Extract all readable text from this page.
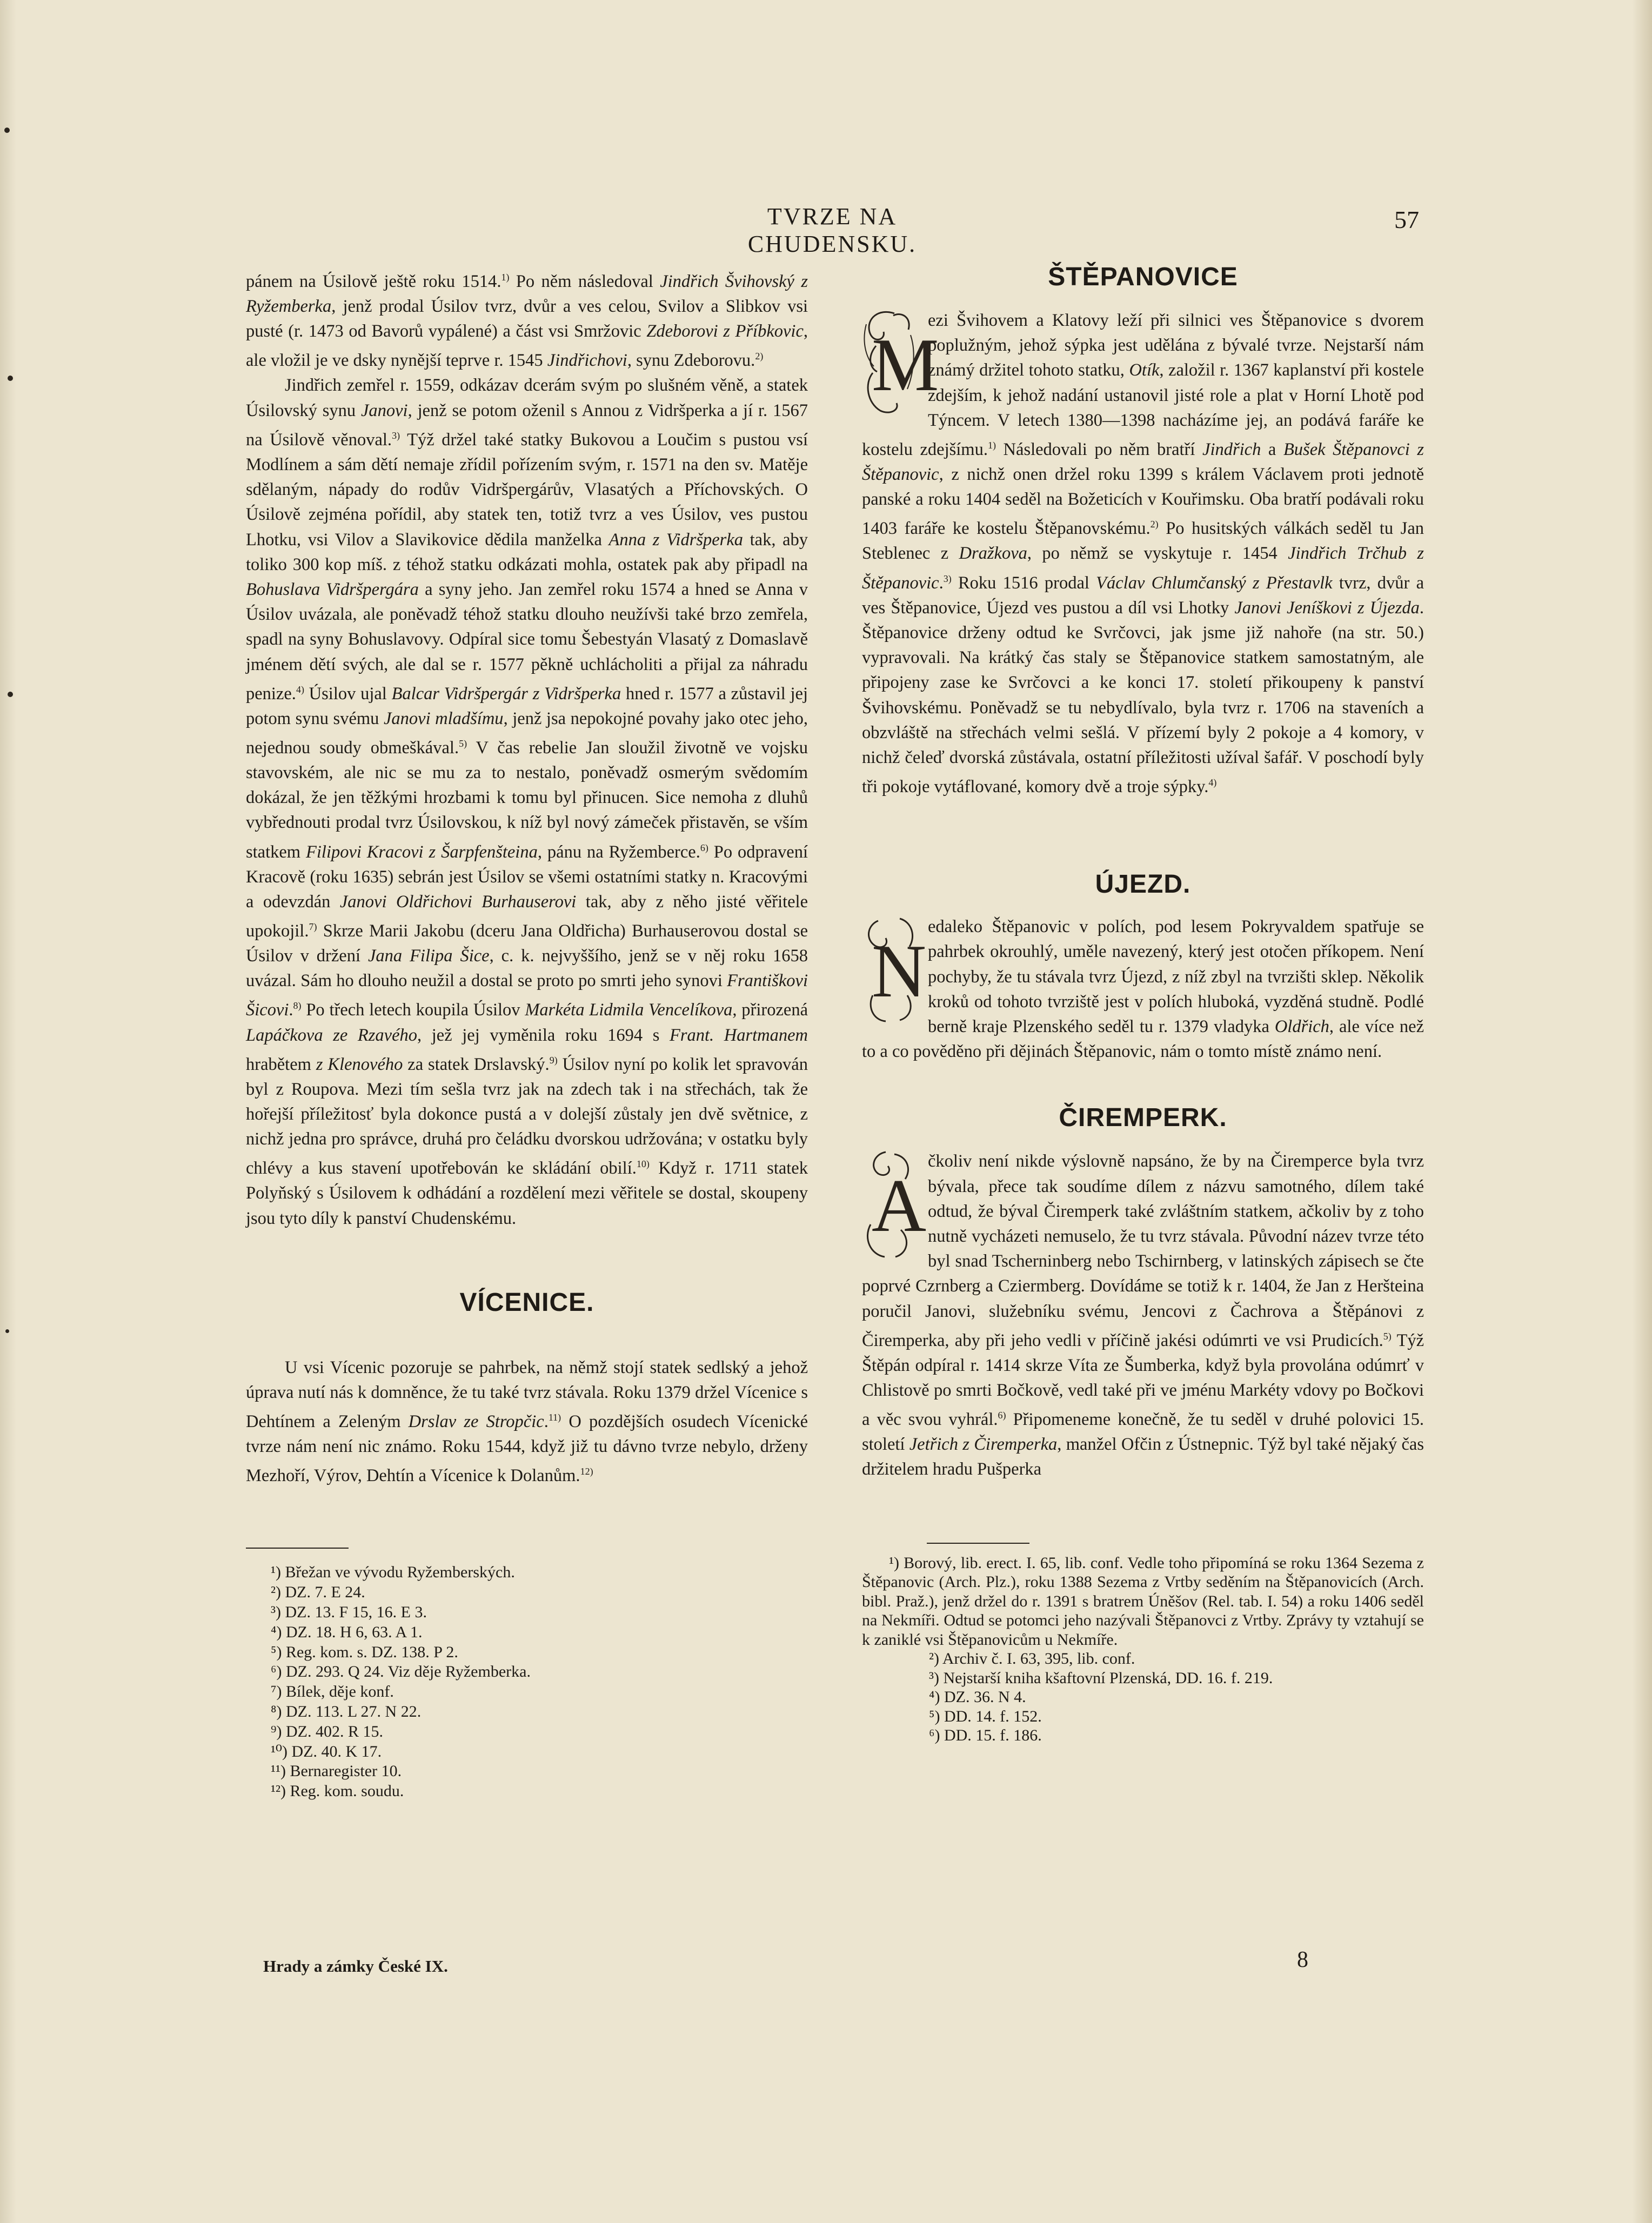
TVRZE NA CHUDENSKU.
57

pánem na Úsilově ještě roku 1514.$^{1)}$ Po něm následoval Jindřich Švihovský z Ryžemberka, jenž prodal Úsilov tvrz, dvůr a ves celou, Svilov a Slibkov vsi pusté (r. 1473 od Bavorů vypálené) a část vsi Smržovic Zdeborovi z Příbkovic, ale vložil je ve dsky nynější teprve r. 1545 Jindřichovi, synu Zdeborovu.$^{2)}$

Jindřich zemřel r. 1559, odkázav dcerám svým po slušném věně, a statek Úsilovský synu Janovi, jenž se potom oženil s Annou z Vidršperka a jí r. 1567 na Úsilově věnoval.$^{3)}$ Týž držel také statky Bukovou a Loučim s pustou vsí Modlínem a sám dětí nemaje zřídil pořízením svým, r. 1571 na den sv. Matěje sdělaným, nápady do rodův Vidršpergárův, Vlasatých a Příchovských. O Úsilově zejména pořídil, aby statek ten, totiž tvrz a ves Úsilov, ves pustou Lhotku, vsi Vilov a Slavikovice dědila manželka Anna z Vidršperka tak, aby toliko 300 kop míš. z téhož statku odkázati mohla, ostatek pak aby připadl na Bohuslava Vidršpergára a syny jeho. Jan zemřel roku 1574 a hned se Anna v Úsilov uvázala, ale poněvadž téhož statku dlouho neužívši také brzo zemřela, spadl na syny Bohuslavovy. Odpíral sice tomu Šebestyán Vlasatý z Domaslavě jménem dětí svých, ale dal se r. 1577 pěkně uchlácholiti a přijal za náhradu penize.$^{4)}$ Úsilov ujal Balcar Vidršpergár z Vidršperka hned r. 1577 a zůstavil jej potom synu svému Janovi mladšímu, jenž jsa nepokojné povahy jako otec jeho, nejednou soudy obmeškával.$^{5)}$ V čas rebelie Jan sloužil životně ve vojsku stavovském, ale nic se mu za to nestalo, poněvadž osmerým svědomím dokázal, že jen těžkými hrozbami k tomu byl přinucen. Sice nemoha z dluhů vybřednouti prodal tvrz Úsilovskou, k níž byl nový zámeček přistavěn, se vším statkem Filipovi Kracovi z Šarpfenšteina, pánu na Ryžemberce.$^{6)}$ Po odpravení Kracově (roku 1635) sebrán jest Úsilov se všemi ostatními statky n. Kracovými a odevzdán Janovi Oldřichovi Burhauserovi tak, aby z něho jisté věřitele upokojil.$^{7)}$ Skrze Marii Jakobu (dceru Jana Oldřicha) Burhauserovou dostal se Úsilov v držení Jana Filipa Šice, c. k. nejvyššího, jenž se v něj roku 1658 uvázal. Sám ho dlouho neužil a dostal se proto po smrti jeho synovi Františkovi Šicovi.$^{8)}$ Po třech letech koupila Úsilov Markéta Lidmila Vencelíkova, přirozená Lapáčkova ze Rzavého, jež jej vyměnila roku 1694 s Frant. Hartmanem hrabětem z Klenového za statek Drslavský.$^{9)}$ Úsilov nyní po kolik let spravován byl z Roupova. Mezi tím sešla tvrz jak na zdech tak i na střechách, tak že hořejší příležitosť byla dokonce pustá a v dolejší zůstaly jen dvě světnice, z nichž jedna pro správce, druhá pro čeládku dvorskou udržována; v ostatku byly chlévy a kus stavení upotřebován ke skládání obilí.$^{10)}$ Když r. 1711 statek Polyňský s Úsilovem k odhádání a rozdělení mezi věřitele se dostal, skoupeny jsou tyto díly k panství Chudenskému.

VÍCENICE.

U vsi Vícenic pozoruje se pahrbek, na němž stojí statek sedlský a jehož úprava nutí nás k domněnce, že tu také tvrz stávala. Roku 1379 držel Vícenice s Dehtínem a Zeleným Drslav ze Stropčic.$^{11)}$ O pozdějších osudech Vícenické tvrze nám není nic známo. Roku 1544, když již tu dávno tvrze nebylo, drženy Mezhoří, Výrov, Dehtín a Vícenice k Dolanům.$^{12)}$

¹) Břežan ve vývodu Ryžemberských.
²) DZ. 7. E 24.
³) DZ. 13. F 15, 16. E 3.
⁴) DZ. 18. H 6, 63. A 1.
⁵) Reg. kom. s. DZ. 138. P 2.
⁶) DZ. 293. Q 24. Viz děje Ryžemberka.
⁷) Bílek, děje konf.
⁸) DZ. 113. L 27. N 22.
⁹) DZ. 402. R 15.
¹⁰) DZ. 40. K 17.
¹¹) Bernaregister 10.
¹²) Reg. kom. soudu.
ŠTĚPANOVICE
M

ezi Švihovem a Klatovy leží při silnici ves Štěpanovice s dvorem poplužným, jehož sýpka jest udělána z bývalé tvrze. Nejstarší nám známý držitel tohoto statku, Otík, založil r. 1367 kaplanství při kostele zdejším, k jehož nadání ustanovil jisté role a plat v Horní Lhotě pod Týncem. V letech 1380—1398 nacházíme jej, an podává faráře ke kostelu zdejšímu.$^{1)}$ Následovali po něm bratří Jindřich a Bušek Štěpanovci z Štěpanovic, z nichž onen držel roku 1399 s králem Václavem proti jednotě panské a roku 1404 seděl na Božeticích v Kouřimsku. Oba bratří podávali roku 1403 faráře ke kostelu Štěpanovskému.$^{2)}$ Po husitských válkách seděl tu Jan Steblenec z Dražkova, po němž se vyskytuje r. 1454 Jindřich Trčhub z Štěpanovic.$^{3)}$ Roku 1516 prodal Václav Chlumčanský z Přestavlk tvrz, dvůr a ves Štěpanovice, Újezd ves pustou a díl vsi Lhotky Janovi Jeníškovi z Újezda. Štěpanovice drženy odtud ke Svrčovci, jak jsme již nahoře (na str. 50.) vypravovali. Na krátký čas staly se Štěpanovice statkem samostatným, ale připojeny zase ke Svrčovci a ke konci 17. století přikoupeny k panství Švihovskému. Poněvadž se tu nebydlívalo, byla tvrz r. 1706 na staveních a obzvláště na střechách velmi sešlá. V přízemí byly 2 pokoje a 4 komory, v nichž čeleď dvorská zůstávala, ostatní příležitosti užíval šafář. V poschodí byly tři pokoje vytáflované, komory dvě a troje sýpky.$^{4)}$

ÚJEZD.
N

edaleko Štěpanovic v polích, pod lesem Pokryvaldem spatřuje se pahrbek okrouhlý, uměle navezený, který jest otočen příkopem. Není pochyby, že tu stávala tvrz Újezd, z níž zbyl na tvrzišti sklep. Několik kroků od tohoto tvrziště jest v polích hluboká, vyzděná studně. Podlé berně kraje Plzenského seděl tu r. 1379 vladyka Oldřich, ale více než to a co pověděno při dějinách Štěpanovic, nám o tomto místě známo není.

ČIREMPERK.
A

čkoliv není nikde výslovně napsáno, že by na Čiremperce byla tvrz bývala, přece tak soudíme dílem z názvu samotného, dílem také odtud, že býval Čiremperk také zvláštním statkem, ačkoliv by z toho nutně vycházeti nemuselo, že tu tvrz stávala. Původní název tvrze této byl snad Tscherninberg nebo Tschirnberg, v latinských zápisech se čte poprvé Czrnberg a Cziermberg. Dovídáme se totiž k r. 1404, že Jan z Heršteina poručil Janovi, služebníku svému, Jencovi z Čachrova a Štěpánovi z Čiremperka, aby při jeho vedli v příčině jakési odúmrti ve vsi Prudicích.$^{5)}$ Týž Štěpán odpíral r. 1414 skrze Víta ze Šumberka, když byla provolána odúmrť v Chlistově po smrti Bočkově, vedl také při ve jménu Markéty vdovy po Bočkovi a věc svou vyhrál.$^{6)}$ Připomeneme konečně, že tu seděl v druhé polovici 15. století Jetřich z Čiremperka, manžel Ofčin z Ústnepnic. Týž byl také nějaký čas držitelem hradu Pušperka

¹) Borový, lib. erect. I. 65, lib. conf. Vedle toho připomíná se roku 1364 Sezema z Štěpanovic (Arch. Plz.), roku 1388 Sezema z Vrtby seděním na Štěpanovicích (Arch. bibl. Praž.), jenž držel do r. 1391 s bratrem Úněšov (Rel. tab. I. 54) a roku 1406 seděl na Nekmíři. Odtud se potomci jeho nazývali Štěpanovci z Vrtby. Zprávy ty vztahují se k zaniklé vsi Štěpanovicům u Nekmíře.

²) Archiv č. I. 63, 395, lib. conf.
³) Nejstarší kniha kšaftovní Plzenská, DD. 16. f. 219.
⁴) DZ. 36. N 4.
⁵) DD. 14. f. 152.
⁶) DD. 15. f. 186.
Hrady a zámky České IX.	8
